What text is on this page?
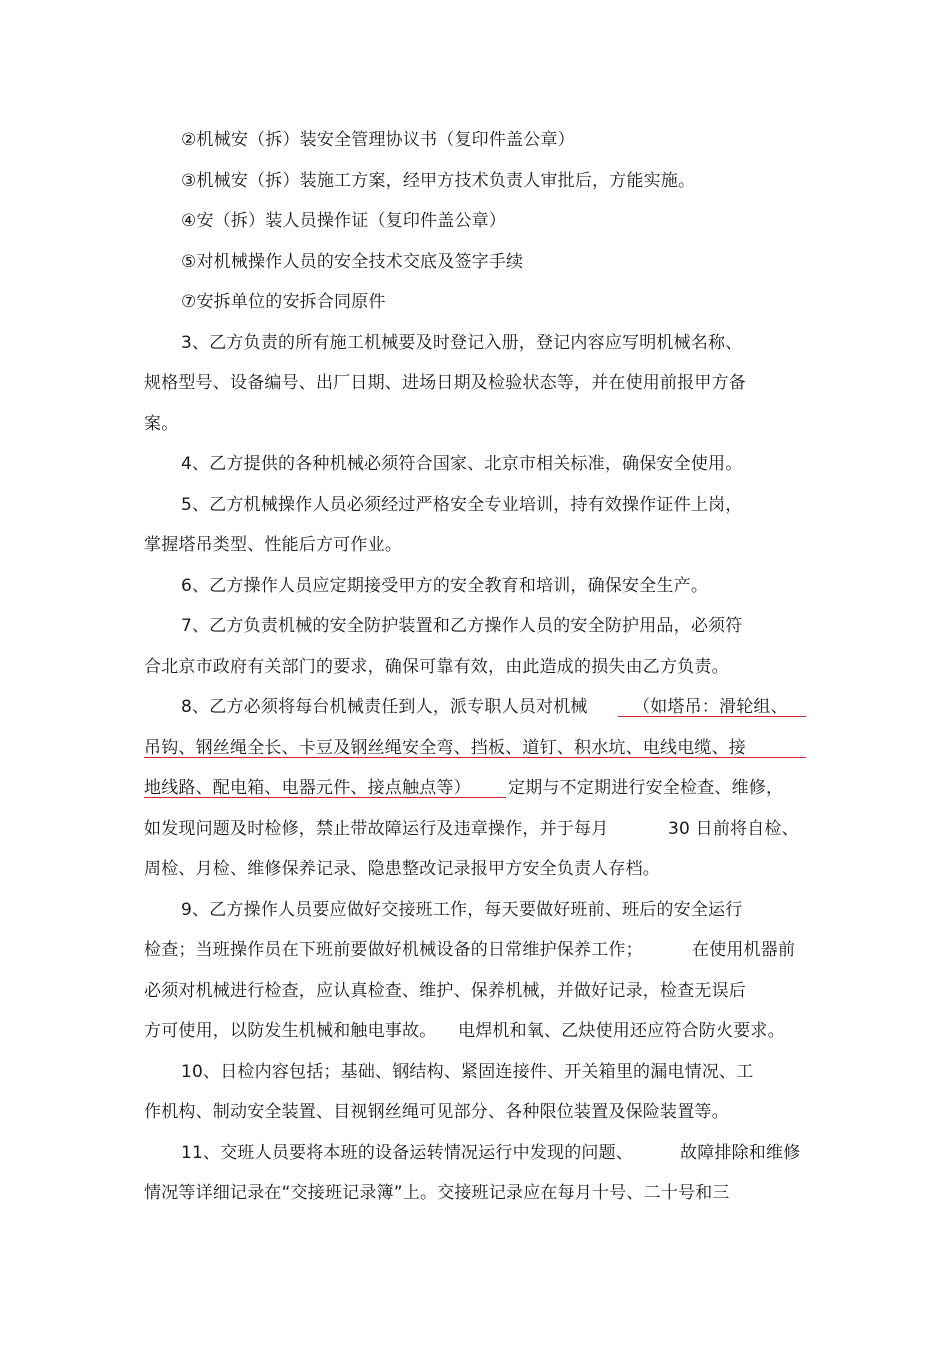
②机械安（拆）装安全管理协议书（复印件盖公章）
③机械安（拆）装施工方案，经甲方技术负责人审批后，方能实施。
④安（拆）装人员操作证（复印件盖公章）
⑤对机械操作人员的安全技术交底及签字手续
⑦安拆单位的安拆合同原件
3、乙方负责的所有施工机械要及时登记入册，登记内容应写明机械名称、
规格型号、设备编号、出厂日期、进场日期及检验状态等，并在使用前报甲方备
案。
4、乙方提供的各种机械必须符合国家、北京市相关标准，确保安全使用。
5、乙方机械操作人员必须经过严格安全专业培训，持有效操作证件上岗，
掌握塔吊类型、性能后方可作业。
6、乙方操作人员应定期接受甲方的安全教育和培训，确保安全生产。
7、乙方负责机械的安全防护装置和乙方操作人员的安全防护用品，必须符
合北京市政府有关部门的要求，确保可靠有效，由此造成的损失由乙方负责。
8、乙方必须将每台机械责任到人，派专职人员对机械	（如塔吊：滑轮组、
吊钩、钢丝绳全长、卡豆及钢丝绳安全弯、挡板、道钉、积水坑、电线电缆、接
地线路、配电箱、电器元件、接点触点等） 定期与不定期进行安全检查、维修，
如发现问题及时检修，禁止带故障运行及违章操作，并于每月	30 日前将自检、
周检、月检、维修保养记录、隐患整改记录报甲方安全负责人存档。
9、乙方操作人员要应做好交接班工作，每天要做好班前、班后的安全运行
检查；当班操作员在下班前要做好机械设备的日常维护保养工作；	在使用机器前
必须对机械进行检查，应认真检查、维护、保养机械，并做好记录，检查无误后
方可使用，以防发生机械和触电事故。 电焊机和氧、乙炔使用还应符合防火要求。
10、日检内容包括；基础、钢结构、紧固连接件、开关箱里的漏电情况、工
作机构、制动安全装置、目视钢丝绳可见部分、各种限位装置及保险装置等。
11、交班人员要将本班的设备运转情况运行中发现的问题、	故障排除和维修
情况等详细记录在“交接班记录簿”上。交接班记录应在每月十号、二十号和三
